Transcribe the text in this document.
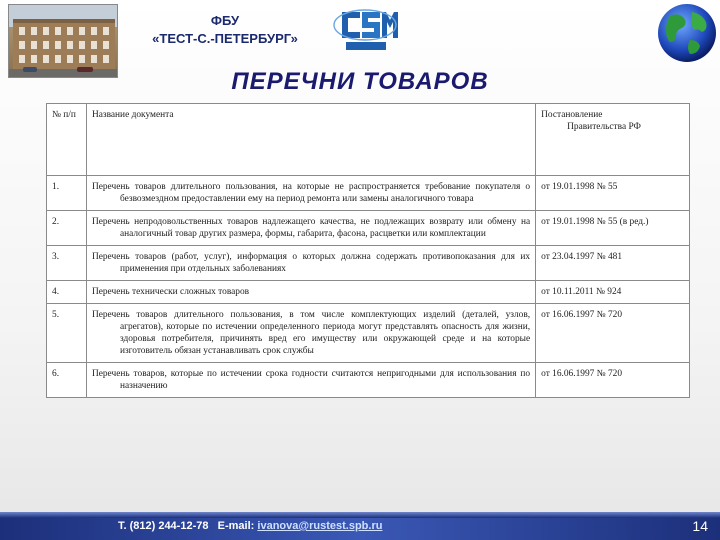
ФБУ
«ТЕСТ-С.-ПЕТЕРБУРГ»
ПЕРЕЧНИ ТОВАРОВ
№ п/п	Название документа	Постановление
Правительства РФ

1.	Перечень товаров длительного пользования, на которые не распространяется требование покупателя о безвозмездном предоставлении ему на период ремонта или замены аналогичного товара	от 19.01.1998 № 55

2.	Перечень непродовольственных товаров надлежащего качества, не подлежащих возврату или обмену на аналогичный товар других размера, формы, габарита, фасона, расцветки или комплектации	от 19.01.1998 № 55 (в ред.)

3.	Перечень товаров (работ, услуг), информация о которых должна содержать противопоказания для их применения при отдельных заболеваниях	от 23.04.1997 № 481

4.	Перечень технически сложных товаров	от 10.11.2011 № 924

5.	Перечень товаров длительного пользования, в том числе комплектующих изделий (деталей, узлов, агрегатов), которые по истечении определенного периода могут представлять опасность для жизни, здоровья потребителя, причинять вред его имуществу или окружающей среде и на которые изготовитель обязан устанавливать срок службы	от 16.06.1997 № 720

6.	Перечень товаров, которые по истечении срока годности считаются непригодными для использования по назначению	от 16.06.1997 № 720
Т. (812) 244-12-78 E-mail: ivanova@rustest.spb.ru	14
